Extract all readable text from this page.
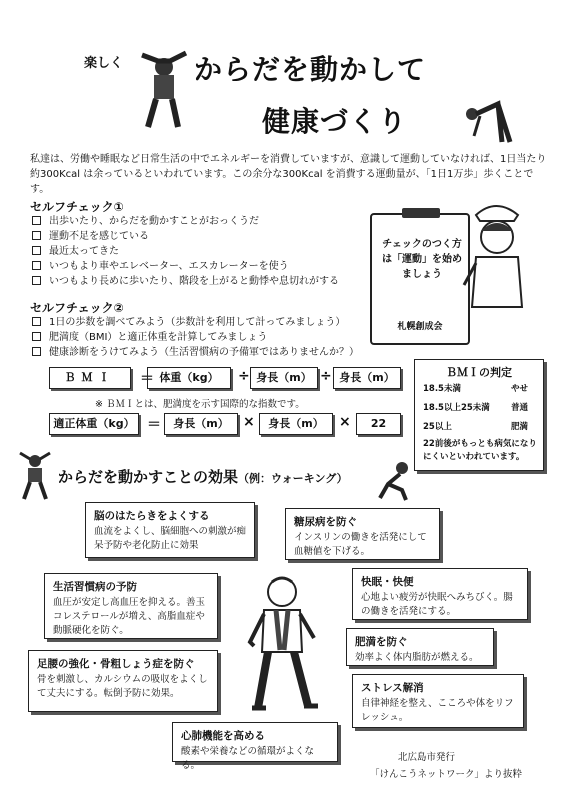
楽しく	からだを動かして
健康づくり
私達は、労働や睡眠など日常生活の中でエネルギーを消費していますが、意識して運動していなければ、1日当たり約300Kcal は余っているといわれています。この余分な300Kcal を消費する運動量が、「1日1万歩」歩くことです。
セルフチェック①
出歩いたり、からだを動かすことがおっくうだ
運動不足を感じている
最近太ってきた
いつもより車やエレベーター、エスカレーターを使う
いつもより長めに歩いたり、階段を上がると動悸や息切れがする
セルフチェック②
1日の歩数を調べてみよう（歩数計を利用して計ってみましょう）
肥満度（BMI）と適正体重を計算してみましょう
健康診断をうけてみよう（生活習慣病の予備軍ではありませんか？）
チェックのつく方は「運動」を始めましょう
札幌創成会
ＢＭＩ	＝ 体重（kg）	÷ 身長（m） ÷ 身長（m）
※ ＢＭＩとは、肥満度を示す国際的な指数です。
適正体重（kg） ＝	身長（m）	×	身長（m）	×	22
ＢＭＩの判定
18.5未満	やせ
18.5以上25未満 普通
25以上	肥満
22前後がもっとも病気になりにくいといわれています。
からだを動かすことの効果（例：ウォーキング）
脳のはたらきをよくする
血流をよくし、脳細胞への刺激が痴呆予防や老化防止に効果
糖尿病を防ぐ
インスリンの働きを活発にして血糖値を下げる。
生活習慣病の予防
血圧が安定し高血圧を抑える。善玉コレステロールが増え、高脂血症や動脈硬化を防ぐ。
快眠・快便
心地よい疲労が快眠へみちびく。腸の働きを活発にする。
肥満を防ぐ
効率よく体内脂肪が燃える。
足腰の強化・骨粗しょう症を防ぐ
骨を刺激し、カルシウムの吸収をよくして丈夫にする。転倒予防に効果。	ストレス解消
自律神経を整え、こころや体をリフレッシュ。
心肺機能を高める
酸素や栄養などの循環がよくなる。
北広島市発行
「けんこうネットワーク」より抜粋
